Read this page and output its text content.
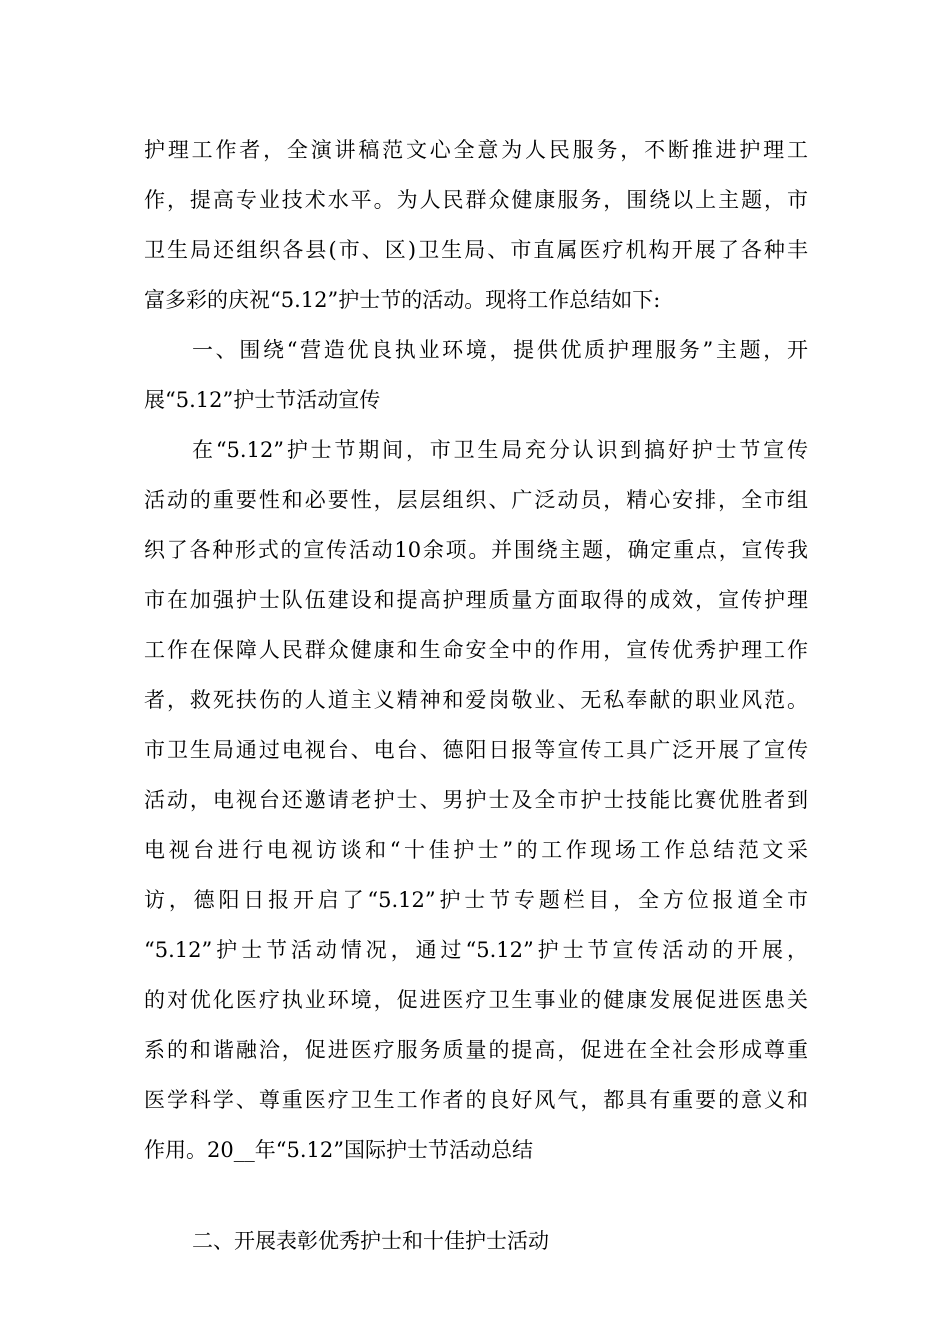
护理工作者，全演讲稿范文心全意为人民服务，不断推进护理工
作，提高专业技术水平。为人民群众健康服务，围绕以上主题，市
卫生局还组织各县(市、区)卫生局、市直属医疗机构开展了各种丰
富多彩的庆祝“5.12”护士节的活动。现将工作总结如下:
一、围绕“营造优良执业环境，提供优质护理服务”主题，开
展“5.12”护士节活动宣传
在“5.12”护士节期间，市卫生局充分认识到搞好护士节宣传
活动的重要性和必要性，层层组织、广泛动员，精心安排，全市组
织了各种形式的宣传活动10余项。并围绕主题，确定重点，宣传我
市在加强护士队伍建设和提高护理质量方面取得的成效，宣传护理
工作在保障人民群众健康和生命安全中的作用，宣传优秀护理工作
者，救死扶伤的人道主义精神和爱岗敬业、无私奉献的职业风范。
市卫生局通过电视台、电台、德阳日报等宣传工具广泛开展了宣传
活动，电视台还邀请老护士、男护士及全市护士技能比赛优胜者到
电视台进行电视访谈和“十佳护士”的工作现场工作总结范文采
访，德阳日报开启了“5.12”护士节专题栏目，全方位报道全市
“5.12”护士节活动情况，通过“5.12”护士节宣传活动的开展，
的对优化医疗执业环境，促进医疗卫生事业的健康发展促进医患关
系的和谐融洽，促进医疗服务质量的提高，促进在全社会形成尊重
医学科学、尊重医疗卫生工作者的良好风气，都具有重要的意义和
作用。20__年“5.12”国际护士节活动总结
二、开展表彰优秀护士和十佳护士活动
